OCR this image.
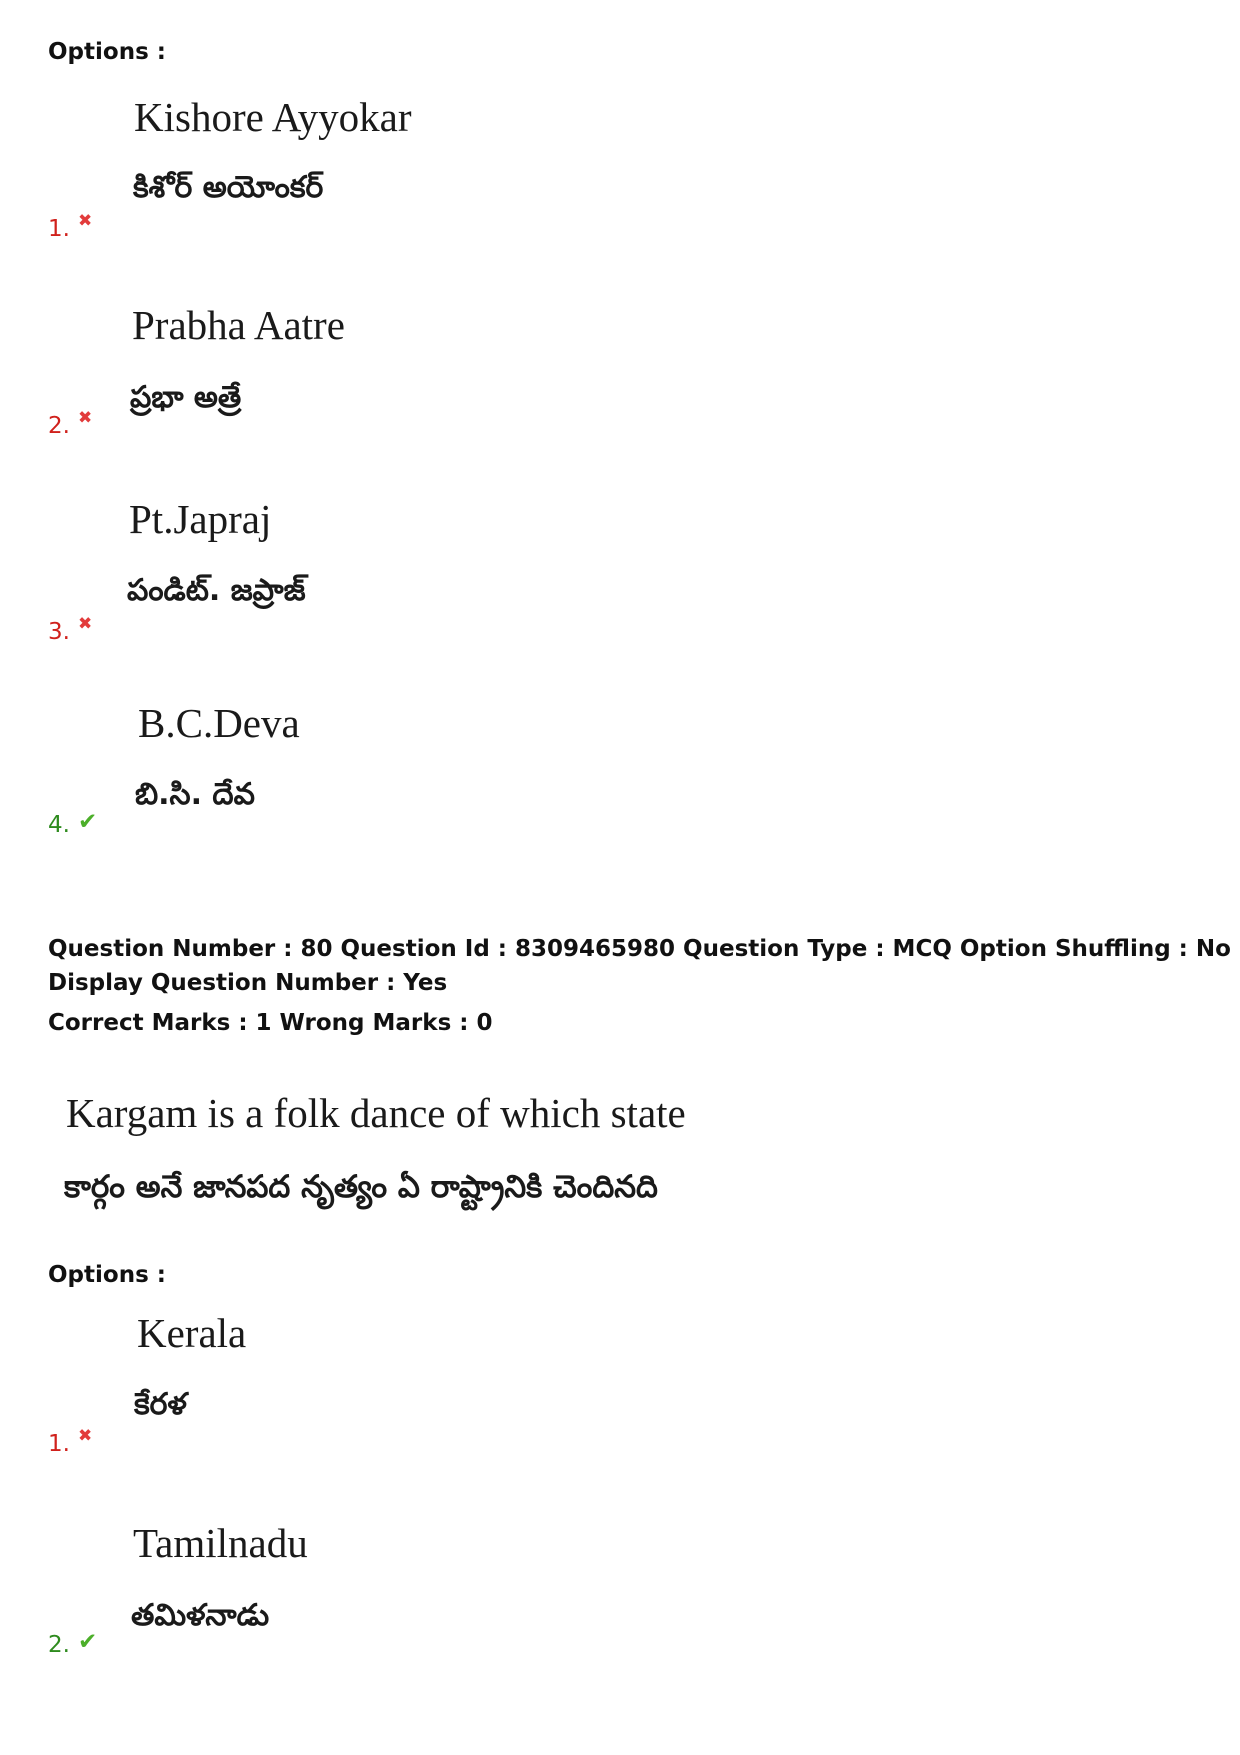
Options :
Kishore Ayyokar
కిశోర్ అయోంకర్
1. ✖
Prabha Aatre
ప్రభా అత్రే
2. ✖
Pt.Japraj
పండిట్. జప్రాజ్
3. ✖
B.C.Deva
బి.సి. దేవ
4. ✔
Question Number : 80 Question Id : 8309465980 Question Type : MCQ Option Shuffling : No
Display Question Number : Yes
Correct Marks : 1 Wrong Marks : 0
Kargam is a folk dance of which state
కార్గం అనే జానపద నృత్యం ఏ రాష్ట్రానికి చెందినది
Options :
Kerala
కేరళ
1. ✖
Tamilnadu
తమిళనాడు
2. ✔
